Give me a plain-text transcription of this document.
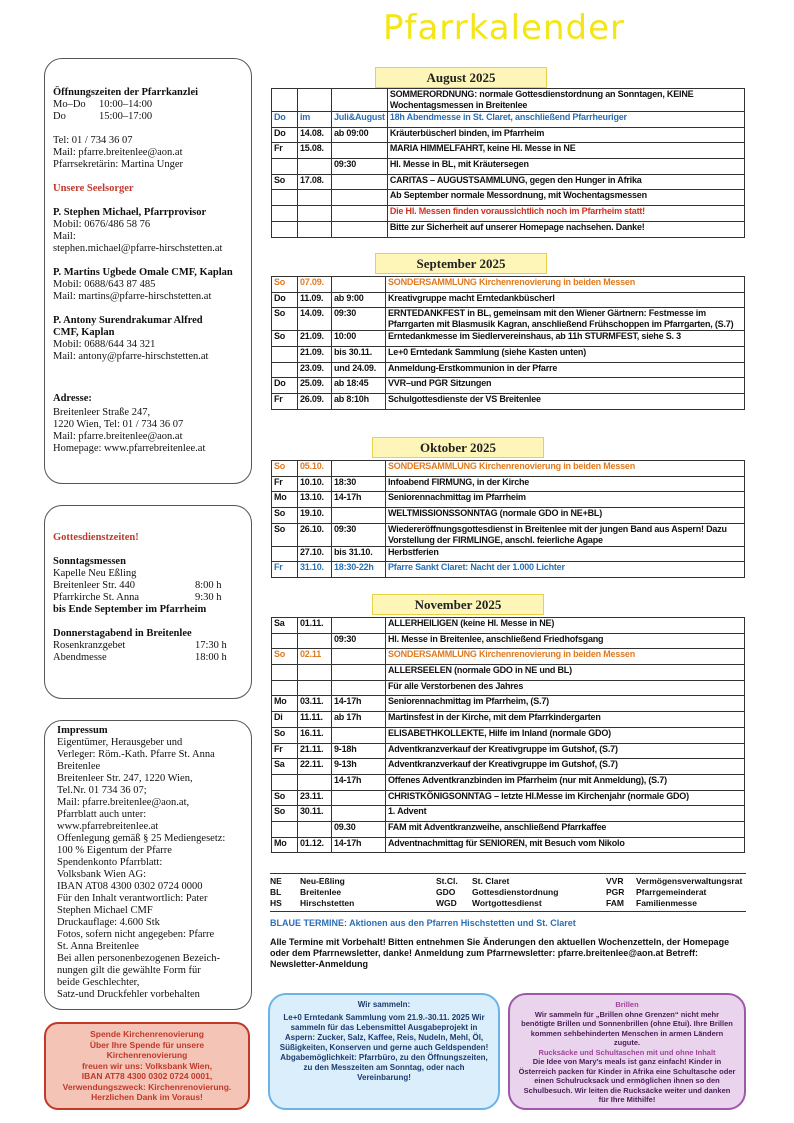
Pfarrkalender
Öffnungszeiten der Pfarrkanzlei
Mo–Do	10:00–14:00
Do	15:00–17:00
Tel: 01 / 734 36 07
Mail: pfarre.breitenlee@aon.at
Pfarrsekretärin: Martina Unger
Unsere Seelsorger
P. Stephen Michael, Pfarrprovisor
Mobil: 0676/486 58 76
Mail:
stephen.michael@pfarre-hirschstetten.at
P. Martins Ugbede Omale CMF, Kaplan
Mobil: 0688/643 87 485
Mail: martins@pfarre-hirschstetten.at
P. Antony Surendrakumar Alfred
CMF, Kaplan
Mobil: 0688/644 34 321
Mail: antony@pfarre-hirschstetten.at
Adresse:
Breitenleer Straße 247,
1220 Wien, Tel: 01 / 734 36 07
Mail: pfarre.breitenlee@aon.at
Homepage: www.pfarrebreitenlee.at
Gottesdienstzeiten!
Sonntagsmessen
Kapelle Neu Eßling
Breitenleer Str. 440	8:00 h
Pfarrkirche St. Anna	9:30 h
bis Ende September im Pfarrheim
Donnerstagabend in Breitenlee
Rosenkranzgebet	17:30 h
Abendmesse	18:00 h
Impressum
Eigentümer, Herausgeber und
Verleger: Röm.-Kath. Pfarre St. Anna
Breitenlee
Breitenleer Str. 247, 1220 Wien,
Tel.Nr. 01 734 36 07;
Mail: pfarre.breitenlee@aon.at,
Pfarrblatt auch unter:
www.pfarrebreitenlee.at
Offenlegung gemäß § 25 Mediengesetz:
100 % Eigentum der Pfarre
Spendenkonto Pfarrblatt:
Volksbank Wien AG:
IBAN AT08 4300 0302 0724 0000
Für den Inhalt verantwortlich: Pater
Stephen Michael CMF
Druckauflage: 4.600 Stk
Fotos, sofern nicht angegeben: Pfarre
St. Anna Breitenlee
Bei allen personenbezogenen Bezeich-
nungen gilt die gewählte Form für
beide Geschlechter,
Satz-und Druckfehler vorbehalten
Spende Kirchenrenovierung
Über Ihre Spende für unsere Kirchenrenovierung
freuen wir uns: Volksbank Wien,
IBAN AT78 4300 0302 0724 0001,
Verwendungszweck: Kirchenrenovierung.
Herzlichen Dank im Voraus!
August 2025
			SOMMERORDNUNG: normale Gottesdienstordnung an Sonntagen, KEINE Wochentagsmessen in Breitenlee
Do	im	Juli&August	18h Abendmesse in St. Claret, anschließend Pfarrheuriger
Do	14.08.	ab 09:00	Kräuterbüscherl binden, im Pfarrheim
Fr	15.08.		MARIA HIMMELFAHRT, keine Hl. Messe in NE
		09:30	Hl. Messe in BL, mit Kräutersegen
So	17.08.		CARITAS – AUGUSTSAMMLUNG, gegen den Hunger in Afrika
			Ab September normale Messordnung, mit Wochentagsmessen
			Die Hl. Messen finden voraussichtlich noch im Pfarrheim statt!
			Bitte zur Sicherheit auf unserer Homepage nachsehen. Danke!
September 2025
So	07.09.		SONDERSAMMLUNG Kirchenrenovierung in beiden Messen
Do	11.09.	ab 9:00	Kreativgruppe macht Erntedankbüscherl
So	14.09.	09:30	ERNTEDANKFEST in BL, gemeinsam mit den Wiener Gärtnern: Festmesse im Pfarrgarten mit Blasmusik Kagran, anschließend Frühschoppen im Pfarrgarten, (S.7)
So	21.09.	10:00	Erntedankmesse im Siedlervereinshaus, ab 11h STURMFEST, siehe S. 3
	21.09.	bis 30.11.	Le+0 Erntedank Sammlung (siehe Kasten unten)
	23.09.	und 24.09.	Anmeldung-Erstkommunion in der Pfarre
Do	25.09.	ab 18:45	VVR–und PGR Sitzungen
Fr	26.09.	ab 8:10h	Schulgottesdienste der VS Breitenlee
Oktober 2025
So	05.10.		SONDERSAMMLUNG Kirchenrenovierung in beiden Messen
Fr	10.10.	18:30	Infoabend FIRMUNG, in der Kirche
Mo	13.10.	14-17h	Seniorennachmittag im Pfarrheim
So	19.10.		WELTMISSIONSSONNTAG (normale GDO in NE+BL)
So	26.10.	09:30	Wiedereröffnungsgottesdienst in Breitenlee mit der jungen Band aus Aspern! Dazu Vorstellung der FIRMLINGE, anschl. feierliche Agape
	27.10.	bis 31.10.	Herbstferien
Fr	31.10.	18:30-22h	Pfarre Sankt Claret: Nacht der 1.000 Lichter
November 2025
Sa	01.11.		ALLERHEILIGEN (keine Hl. Messe in NE)
		09:30	Hl. Messe in Breitenlee, anschließend Friedhofsgang
So	02.11		SONDERSAMMLUNG Kirchenrenovierung in beiden Messen
			ALLERSEELEN (normale GDO in NE und BL)
			Für alle Verstorbenen des Jahres
Mo	03.11.	14-17h	Seniorennachmittag im Pfarrheim, (S.7)
Di	11.11.	ab 17h	Martinsfest in der Kirche, mit dem Pfarrkindergarten
So	16.11.		ELISABETHKOLLEKTE, Hilfe im Inland (normale GDO)
Fr	21.11.	9-18h	Adventkranzverkauf der Kreativgruppe im Gutshof, (S.7)
Sa	22.11.	9-13h	Adventkranzverkauf der Kreativgruppe im Gutshof, (S.7)
		14-17h	Offenes Adventkranzbinden im Pfarrheim (nur mit Anmeldung), (S.7)
So	23.11.		CHRISTKÖNIGSONNTAG – letzte Hl.Messe im Kirchenjahr (normale GDO)
So	30.11.		1. Advent
		09.30	FAM mit Adventkranzweihe, anschließend Pfarrkaffee
Mo	01.12.	14-17h	Adventnachmittag für SENIOREN, mit Besuch vom Nikolo
NE	Neu-Eßling	St.Cl.	St. Claret	VVR	Vermögensverwaltungsrat
BL	Breitenlee	GDO	Gottesdienstordnung	PGR	Pfarrgemeinderat
HS	Hirschstetten	WGD	Wortgottesdienst	FAM	Familienmesse
BLAUE TERMINE: Aktionen aus den Pfarren Hischstetten und St. Claret
Alle Termine mit Vorbehalt! Bitten entnehmen Sie Änderungen den aktuellen Wochenzetteln, der Homepage oder dem Pfarrnewsletter, danke! Anmeldung zum Pfarrnewsletter: pfarre.breitenlee@aon.at Betreff: Newsletter-Anmeldung
Wir sammeln:
Le+0 Erntedank Sammlung vom 21.9.-30.11. 2025 Wir sammeln für das Lebensmittel Ausgabeprojekt in Aspern: Zucker, Salz, Kaffee, Reis, Nudeln, Mehl, Öl, Süßigkeiten, Konserven und gerne auch Geldspenden! Abgabemöglichkeit: Pfarrbüro, zu den Öffnungszeiten, zu den Messzeiten am Sonntag, oder nach Vereinbarung!
Brillen
Wir sammeln für „Brillen ohne Grenzen“ nicht mehr benötigte Brillen und Sonnenbrillen (ohne Etui). Ihre Brillen kommen sehbehinderten Menschen in armen Ländern zugute.
Rucksäcke und Schultaschen mit und ohne Inhalt
Die Idee von Mary's meals ist ganz einfach! Kinder in Österreich packen für Kinder in Afrika eine Schultasche oder einen Schulrucksack und ermöglichen ihnen so den Schulbesuch. Wir leiten die Rucksäcke weiter und danken für Ihre Mithilfe!
